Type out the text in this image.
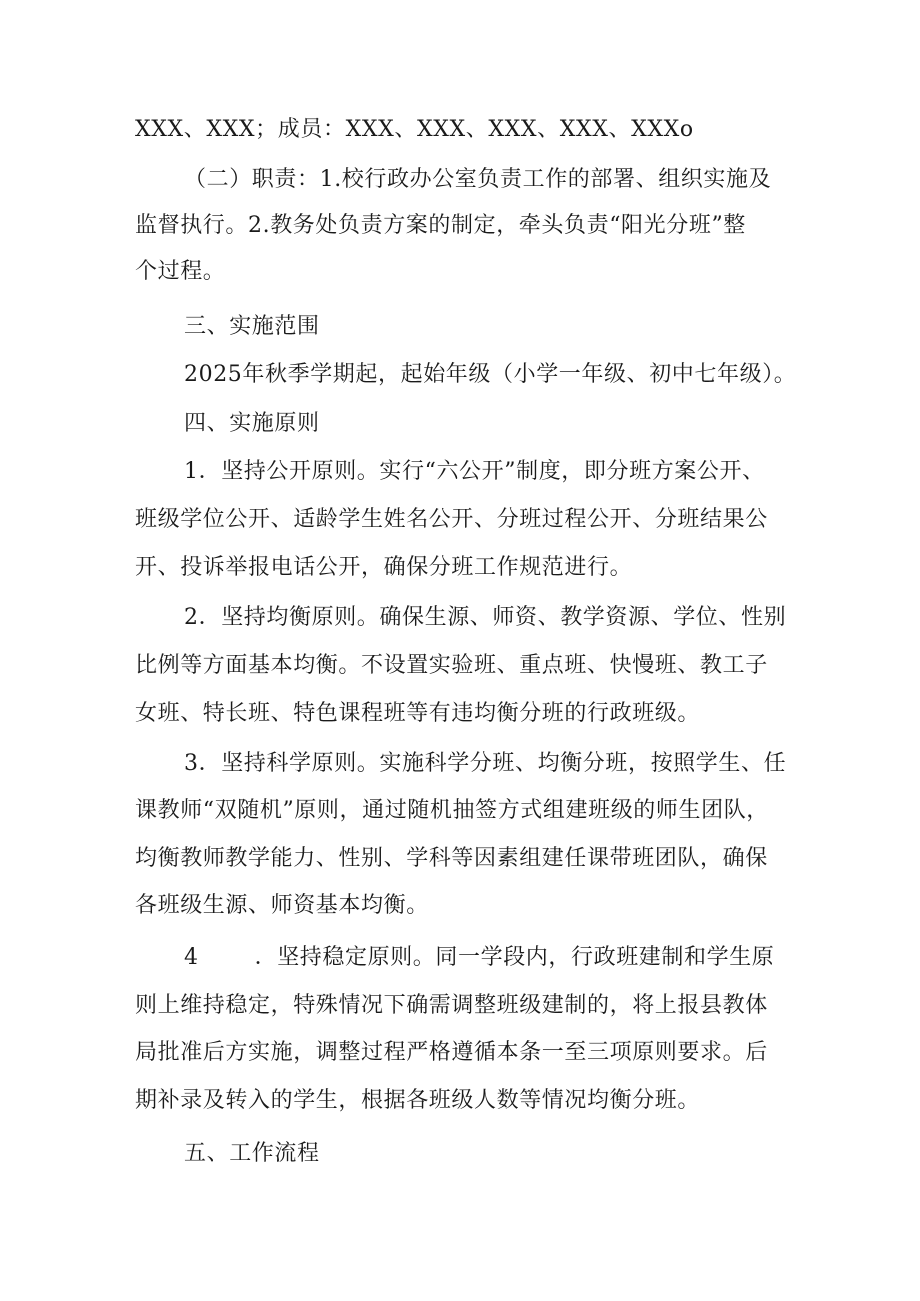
XXX、XXX；成员：XXX、XXX、XXX、XXX、XXXo
（二）职责：1.校行政办公室负责工作的部署、组织实施及
监督执行。2.教务处负责方案的制定，牵头负责“阳光分班”整
个过程。
三、实施范围
2025年秋季学期起，起始年级（小学一年级、初中七年级）。
四、实施原则
1．坚持公开原则。实行“六公开”制度，即分班方案公开、
班级学位公开、适龄学生姓名公开、分班过程公开、分班结果公
开、投诉举报电话公开，确保分班工作规范进行。
2．坚持均衡原则。确保生源、师资、教学资源、学位、性别
比例等方面基本均衡。不设置实验班、重点班、快慢班、教工子
女班、特长班、特色课程班等有违均衡分班的行政班级。
3．坚持科学原则。实施科学分班、均衡分班，按照学生、任
课教师“双随机”原则，通过随机抽签方式组建班级的师生团队，
均衡教师教学能力、性别、学科等因素组建任课带班团队，确保
各班级生源、师资基本均衡。
4	．坚持稳定原则。同一学段内，行政班建制和学生原
则上维持稳定，特殊情况下确需调整班级建制的，将上报县教体
局批准后方实施，调整过程严格遵循本条一至三项原则要求。后
期补录及转入的学生，根据各班级人数等情况均衡分班。
五、工作流程
